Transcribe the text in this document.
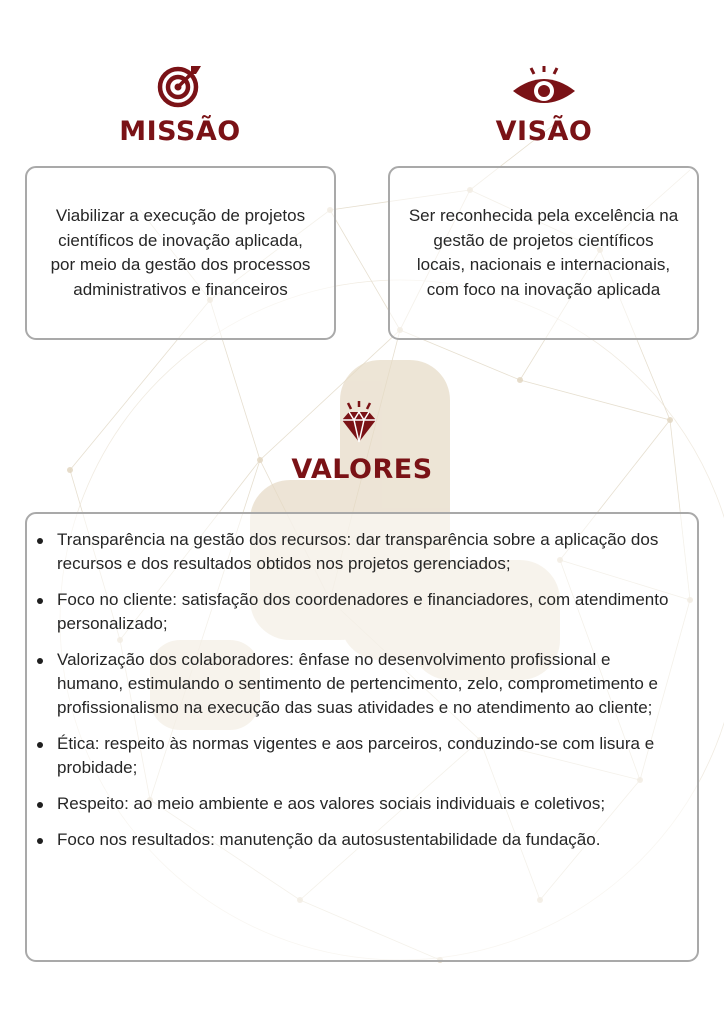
MISSÃO
Viabilizar a execução de projetos científicos de inovação aplicada, por meio da gestão dos processos administrativos e financeiros
VISÃO
Ser reconhecida pela excelência na gestão de projetos científicos locais, nacionais e internacionais, com foco na inovação aplicada
VALORES
Transparência na gestão dos recursos: dar transparência sobre a aplicação dos recursos e dos resultados obtidos nos projetos gerenciados;
Foco no cliente: satisfação dos coordenadores e financiadores, com atendimento personalizado;
Valorização dos colaboradores: ênfase no desenvolvimento profissional e humano, estimulando o sentimento de pertencimento, zelo, comprometimento e profissionalismo na execução das suas atividades e no atendimento ao cliente;
Ética: respeito às normas vigentes e aos parceiros, conduzindo-se com lisura e probidade;
Respeito: ao meio ambiente e aos valores sociais individuais e coletivos;
Foco nos resultados: manutenção da autosustentabilidade da fundação.
